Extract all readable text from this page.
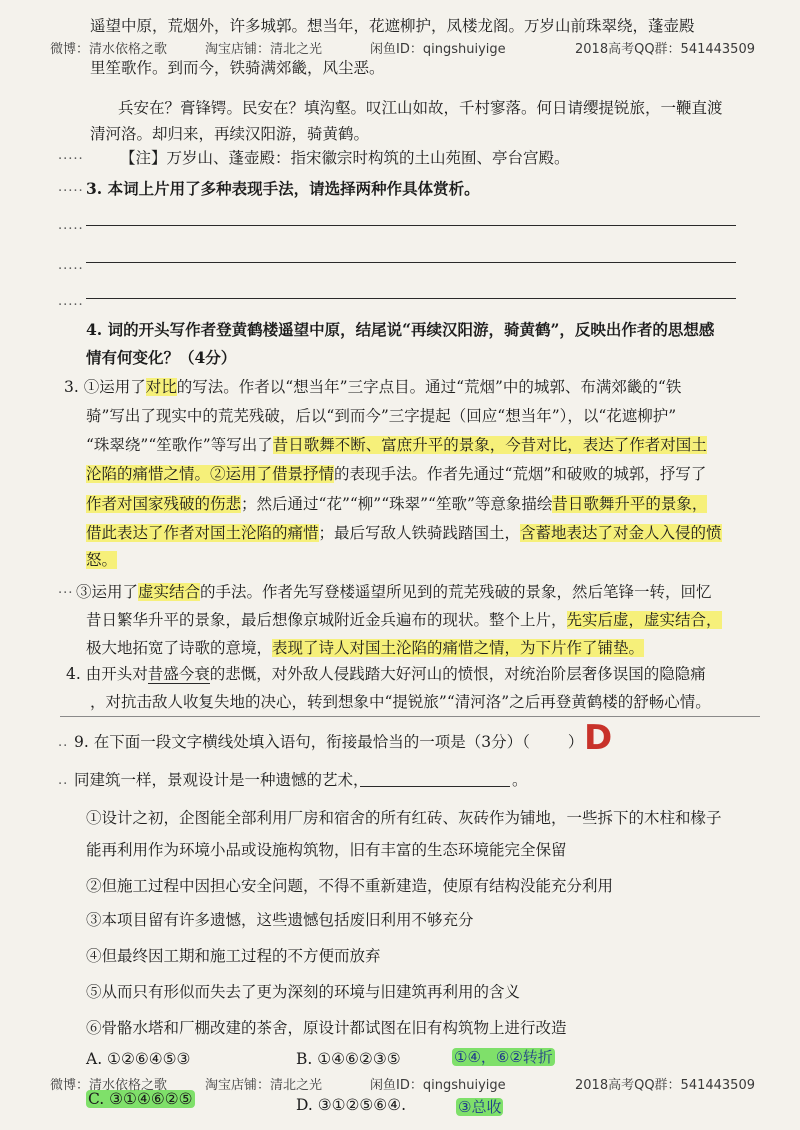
微博：清水依格之歌	淘宝店铺：清北之光	闲鱼ID：qingshuiyige	2018高考QQ群：541443509
遥望中原，荒烟外，许多城郭。想当年，花遮柳护，凤楼龙阁。万岁山前珠翠绕，蓬壶殿
里笙歌作。到而今，铁骑满郊畿，风尘恶。
兵安在？膏锋锷。民安在？填沟壑。叹江山如故，千村寥落。何日请缨提锐旅，一鞭直渡
清河洛。却归来，再续汉阳游，骑黄鹤。
..... 【注】万岁山、蓬壶殿：指宋徽宗时构筑的土山苑囿、亭台宫殿。
..... 3. 本词上片用了多种表现手法，请选择两种作具体赏析。
.....
.....
.....
4. 词的开头写作者登黄鹤楼遥望中原，结尾说“再续汉阳游，骑黄鹤”，反映出作者的思想感
情有何变化？（4分）
3. ①运用了对比的写法。作者以“想当年”三字点目。通过“荒烟”中的城郭、布满郊畿的“铁
骑”写出了现实中的荒芜残破，后以“到而今”三字提起（回应“想当年”），以“花遮柳护”
“珠翠绕”“笙歌作”等写出了昔日歌舞不断、富庶升平的景象，今昔对比，表达了作者对国土
沦陷的痛惜之情。②运用了借景抒情的表现手法。作者先通过“荒烟”和破败的城郭，抒写了
作者对国家残破的伤悲；然后通过“花”“柳”“珠翠”“笙歌”等意象描绘昔日歌舞升平的景象，
借此表达了作者对国土沦陷的痛惜；最后写敌人铁骑践踏国土，含蓄地表达了对金人入侵的愤
怒。
... ③运用了虚实结合的手法。作者先写登楼遥望所见到的荒芜残破的景象，然后笔锋一转，回忆
昔日繁华升平的景象，最后想像京城附近金兵遍布的现状。整个上片，先实后虚，虚实结合，
极大地拓宽了诗歌的意境，表现了诗人对国土沦陷的痛惜之情，为下片作了铺垫。
4. 由开头对昔盛今衰的悲慨，对外敌人侵践踏大好河山的愤恨，对统治阶层奢侈误国的隐隐痛
，对抗击敌人收复失地的决心，转到想象中“提锐旅”“清河洛”之后再登黄鹤楼的舒畅心情。
.. 9. 在下面一段文字横线处填入语句，衔接最恰当的一项是（3分）（ ） D
.. 同建筑一样，景观设计是一种遗憾的艺术，	。
①设计之初，企图能全部利用厂房和宿舍的所有红砖、灰砖作为铺地，一些拆下的木柱和椽子
能再利用作为环境小品或设施构筑物，旧有丰富的生态环境能完全保留
②但施工过程中因担心安全问题，不得不重新建造，使原有结构没能充分利用
③本项目留有许多遗憾，这些遗憾包括废旧利用不够充分
④但最终因工期和施工过程的不方便而放弃
⑤从而只有形似而失去了更为深刻的环境与旧建筑再利用的含义
⑥骨骼水塔和厂棚改建的茶舍，原设计都试图在旧有构筑物上进行改造
A. ①②⑥④⑤③	B. ①④⑥②③⑤
C. ③①④⑥②⑤	D. ③①②⑤⑥④.
①④，⑥②转折
③总收
微博：清水依格之歌	淘宝店铺：清北之光	闲鱼ID：qingshuiyige	2018高考QQ群：541443509
